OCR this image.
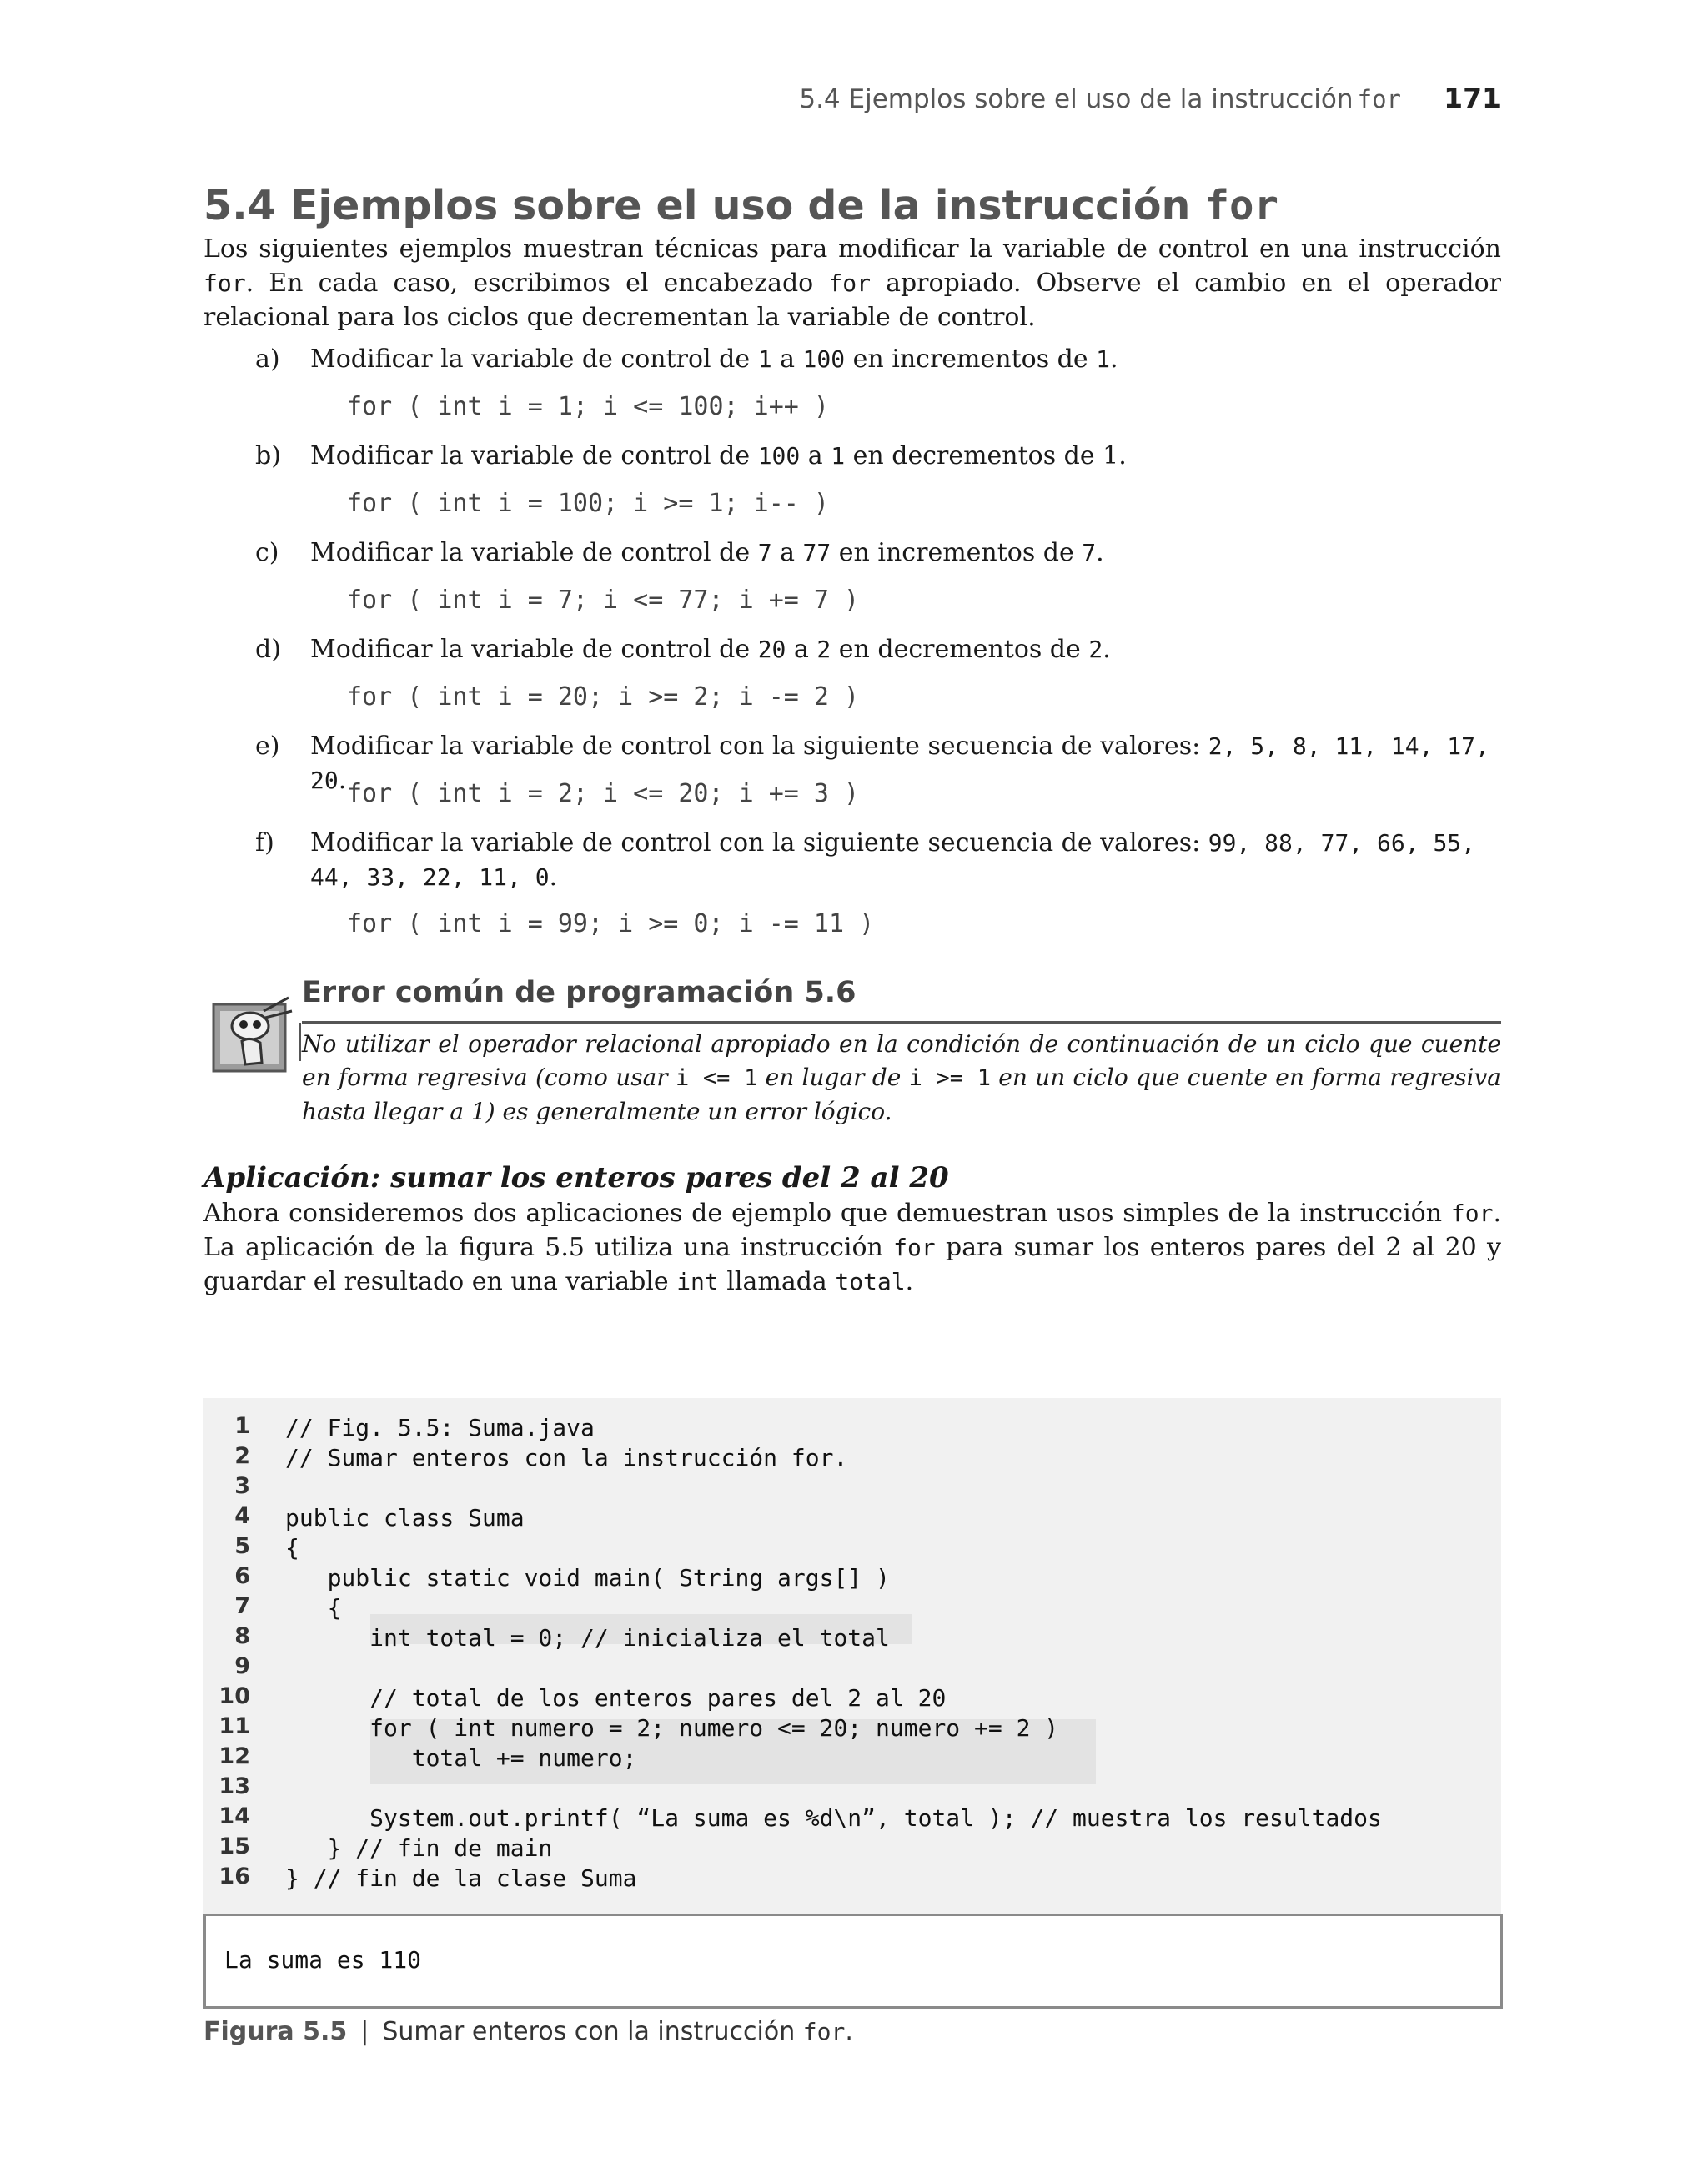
5.4 Ejemplos sobre el uso de la instrucción for 171
5.4 Ejemplos sobre el uso de la instrucción for

Los siguientes ejemplos muestran técnicas para modificar la variable de control en una instrucción for. En cada caso, escribimos el encabezado for apropiado. Observe el cambio en el operador relacional para los ciclos que decrementan la variable de control.

a) Modificar la variable de control de 1 a 100 en incrementos de 1.
for ( int i = 1; i <= 100; i++ )
b) Modificar la variable de control de 100 a 1 en decrementos de 1.
for ( int i = 100; i >= 1; i-- )
c) Modificar la variable de control de 7 a 77 en incrementos de 7.
for ( int i = 7; i <= 77; i += 7 )
d) Modificar la variable de control de 20 a 2 en decrementos de 2.
for ( int i = 20; i >= 2; i -= 2 )
e) Modificar la variable de control con la siguiente secuencia de valores: 2, 5, 8, 11, 14, 17, 20. for ( int i = 2; i <= 20; i += 3 )
f) Modificar la variable de control con la siguiente secuencia de valores: 99, 88, 77, 66, 55, 44, 33, 22, 11, 0.
for ( int i = 99; i >= 0; i -= 11 )
Error común de programación 5.6

No utilizar el operador relacional apropiado en la condición de continuación de un ciclo que cuente en forma regresiva (como usar i <= 1 en lugar de i >= 1 en un ciclo que cuente en forma regresiva hasta llegar a 1) es generalmente un error lógico.

Aplicación: sumar los enteros pares del 2 al 20

Ahora consideremos dos aplicaciones de ejemplo que demuestran usos simples de la instrucción for. La aplicación de la figura 5.5 utiliza una instrucción for para sumar los enteros pares del 2 al 20 y guardar el resultado en una variable int llamada total.

1 // Fig. 5.5: Suma.java
2 // Sumar enteros con la instrucción for.
3
4 public class Suma
5 {
6 public static void main( String args[] )
7 {
8 int total = 0; // inicializa el total
9
10 // total de los enteros pares del 2 al 20
11 for ( int numero = 2; numero <= 20; numero += 2 )
12 total += numero;
13
14 System.out.printf( “La suma es %d\n”, total ); // muestra los resultados
15 } // fin de main
16 } // fin de la clase Suma
La suma es 110
Figura 5.5 | Sumar enteros con la instrucción for.
